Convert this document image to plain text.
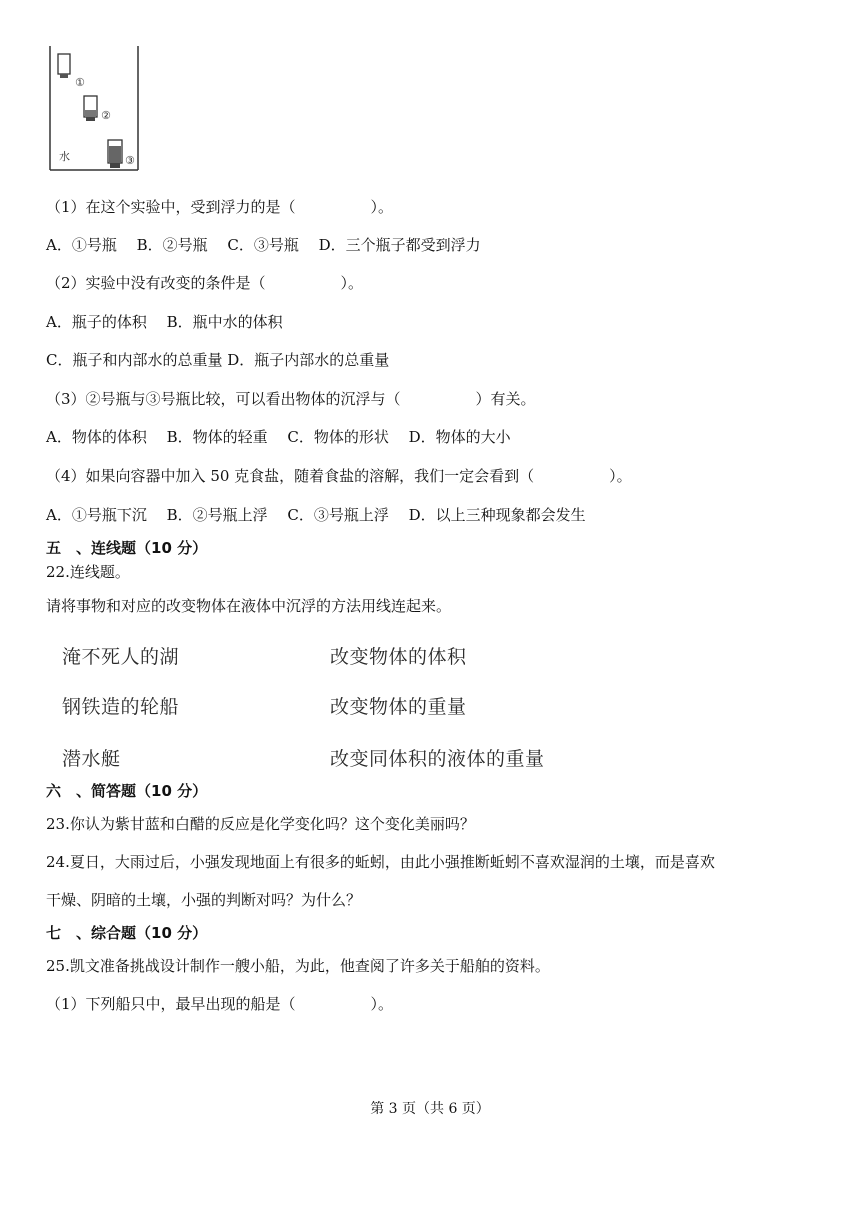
①
②
③
水
（1）在这个实验中，受到浮力的是（　　　　　）。
A．①号瓶　 B．②号瓶　 C．③号瓶　 D．三个瓶子都受到浮力
（2）实验中没有改变的条件是（　　　　　）。
A．瓶子的体积　 B．瓶中水的体积
C．瓶子和内部水的总重量 D．瓶子内部水的总重量
（3）②号瓶与③号瓶比较，可以看出物体的沉浮与（　　　　　）有关。
A．物体的体积　 B．物体的轻重　 C．物体的形状　 D．物体的大小
（4）如果向容器中加入 50 克食盐，随着食盐的溶解，我们一定会看到（　　　　　）。
A．①号瓶下沉　 B．②号瓶上浮　 C．③号瓶上浮　 D．以上三种现象都会发生
五　、连线题（10 分）
22.连线题。
请将事物和对应的改变物体在液体中沉浮的方法用线连起来。
淹不死人的湖
钢铁造的轮船
潜水艇
改变物体的体积
改变物体的重量
改变同体积的液体的重量
六　、简答题（10 分）
23.你认为紫甘蓝和白醋的反应是化学变化吗？这个变化美丽吗？
24.夏日，大雨过后，小强发现地面上有很多的蚯蚓，由此小强推断蚯蚓不喜欢湿润的土壤，而是喜欢
干燥、阴暗的土壤，小强的判断对吗？为什么？
七　、综合题（10 分）
25.凯文准备挑战设计制作一艘小船，为此，他查阅了许多关于船舶的资料。
（1）下列船只中，最早出现的船是（　　　　　）。
第 3 页（共 6 页）
